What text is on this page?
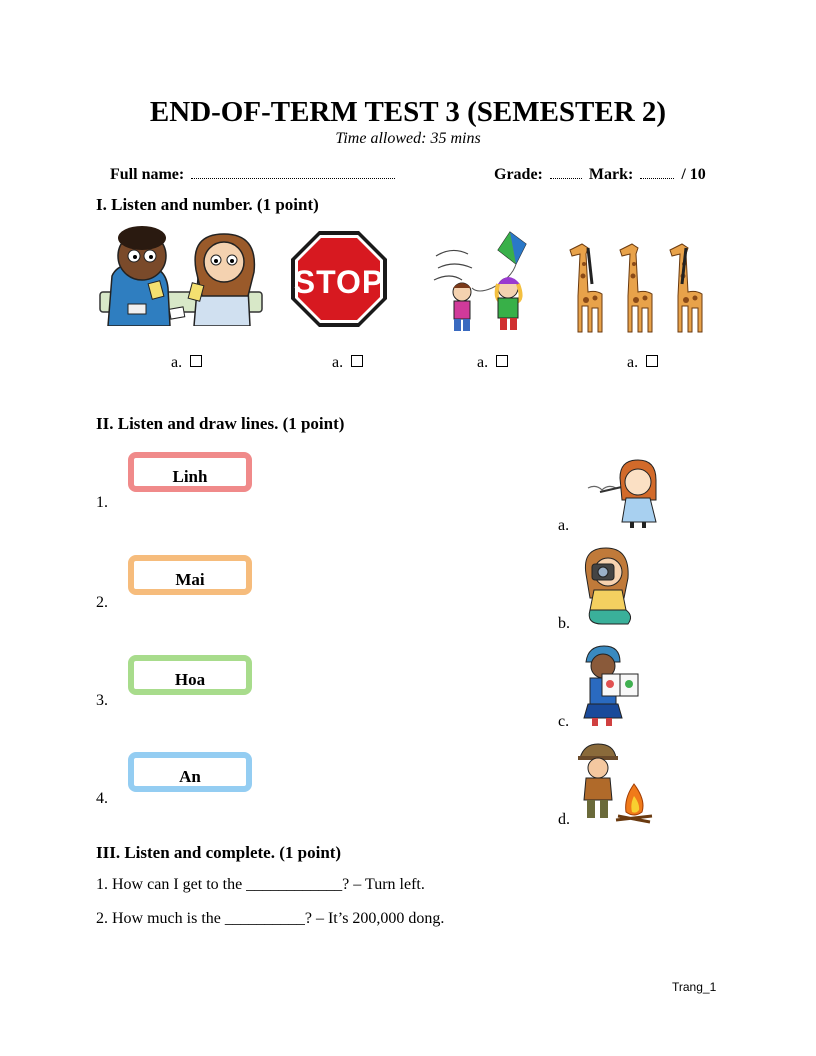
END-OF-TERM TEST 3 (SEMESTER 2)
Time allowed: 35 mins
Full name:	Grade:	Mark:	/ 10
I. Listen and number. (1 point)
STOP
a.	a.	a.	a.
II. Listen and draw lines. (1 point)
1.
Linh
2.
Mai
3.
Hoa
4.
An
a.
b.
c.
d.
III. Listen and complete. (1 point)
1. How can I get to the ____________? – Turn left.
2. How much is the __________? – It’s 200,000 dong.
Trang_1
